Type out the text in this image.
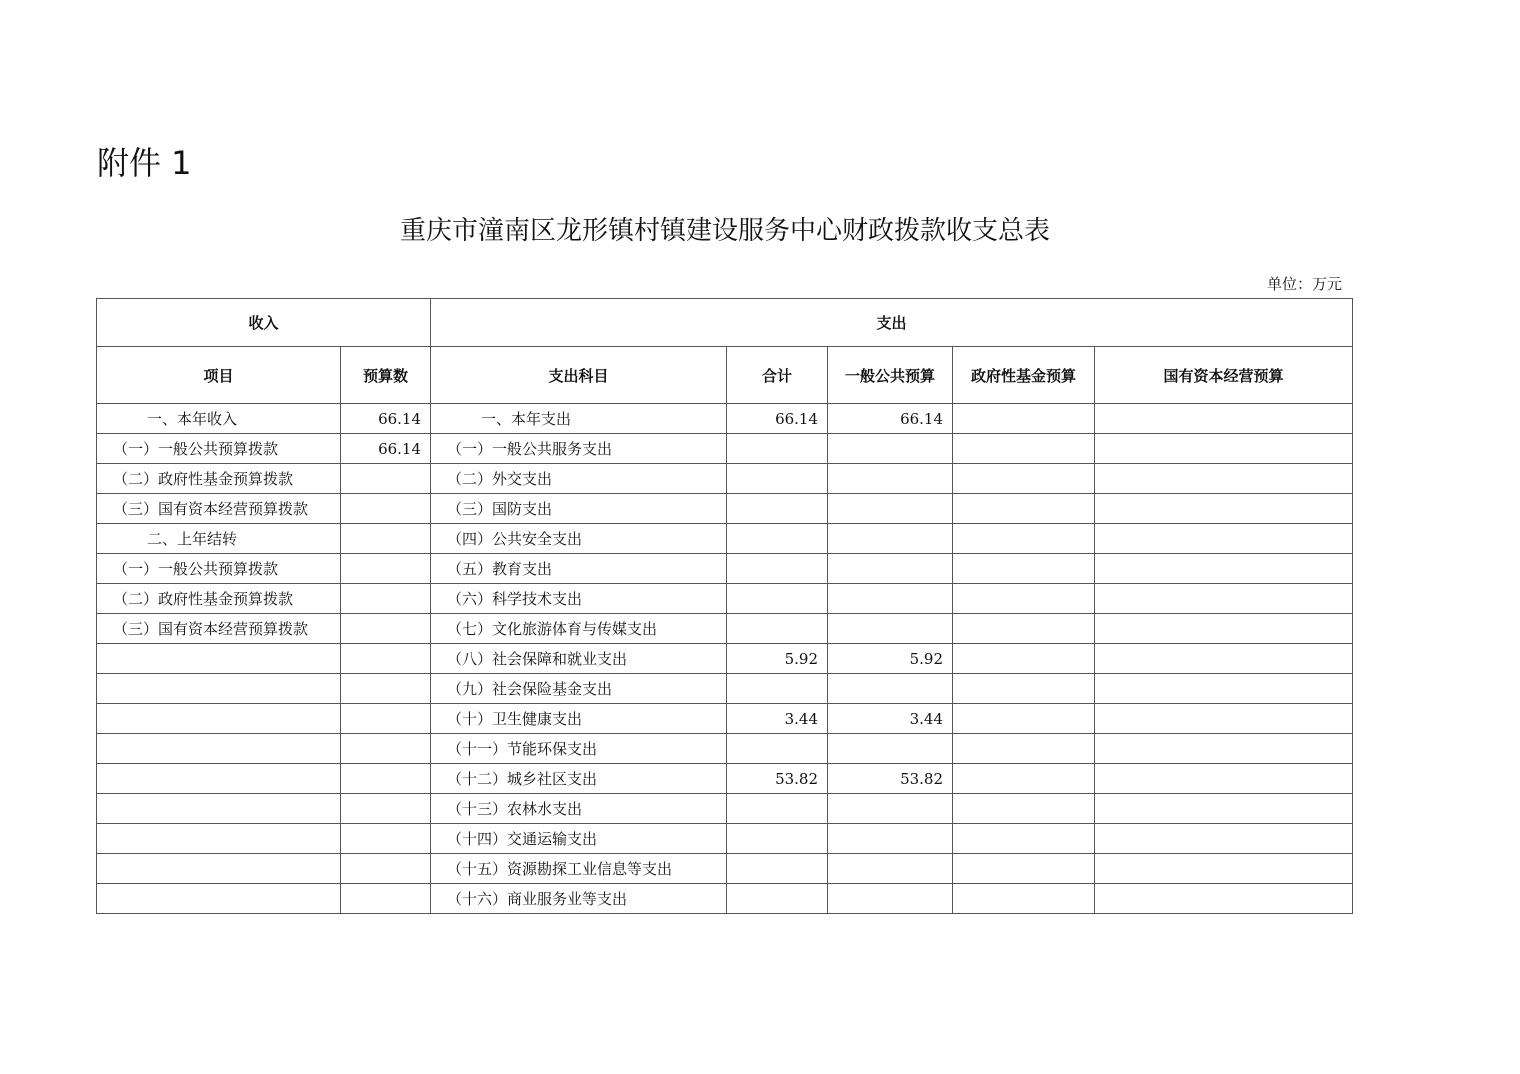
附件 1
重庆市潼南区龙形镇村镇建设服务中心财政拨款收支总表
单位：万元
收入		支出				
项目	预算数	支出科目	合计	一般公共预算	政府性基金预算	国有资本经营预算
一、本年收入	66.14	一、本年支出	66.14	66.14		
（一）一般公共预算拨款	66.14	（一）一般公共服务支出				
（二）政府性基金预算拨款		（二）外交支出				
（三）国有资本经营预算拨款		（三）国防支出				
二、上年结转		（四）公共安全支出				
（一）一般公共预算拨款		（五）教育支出				
（二）政府性基金预算拨款		（六）科学技术支出				
（三）国有资本经营预算拨款		（七）文化旅游体育与传媒支出				
		（八）社会保障和就业支出	5.92	5.92		
		（九）社会保险基金支出				
		（十）卫生健康支出	3.44	3.44		
		（十一）节能环保支出				
		（十二）城乡社区支出	53.82	53.82		
		（十三）农林水支出				
		（十四）交通运输支出				
		（十五）资源勘探工业信息等支出				
		（十六）商业服务业等支出				
